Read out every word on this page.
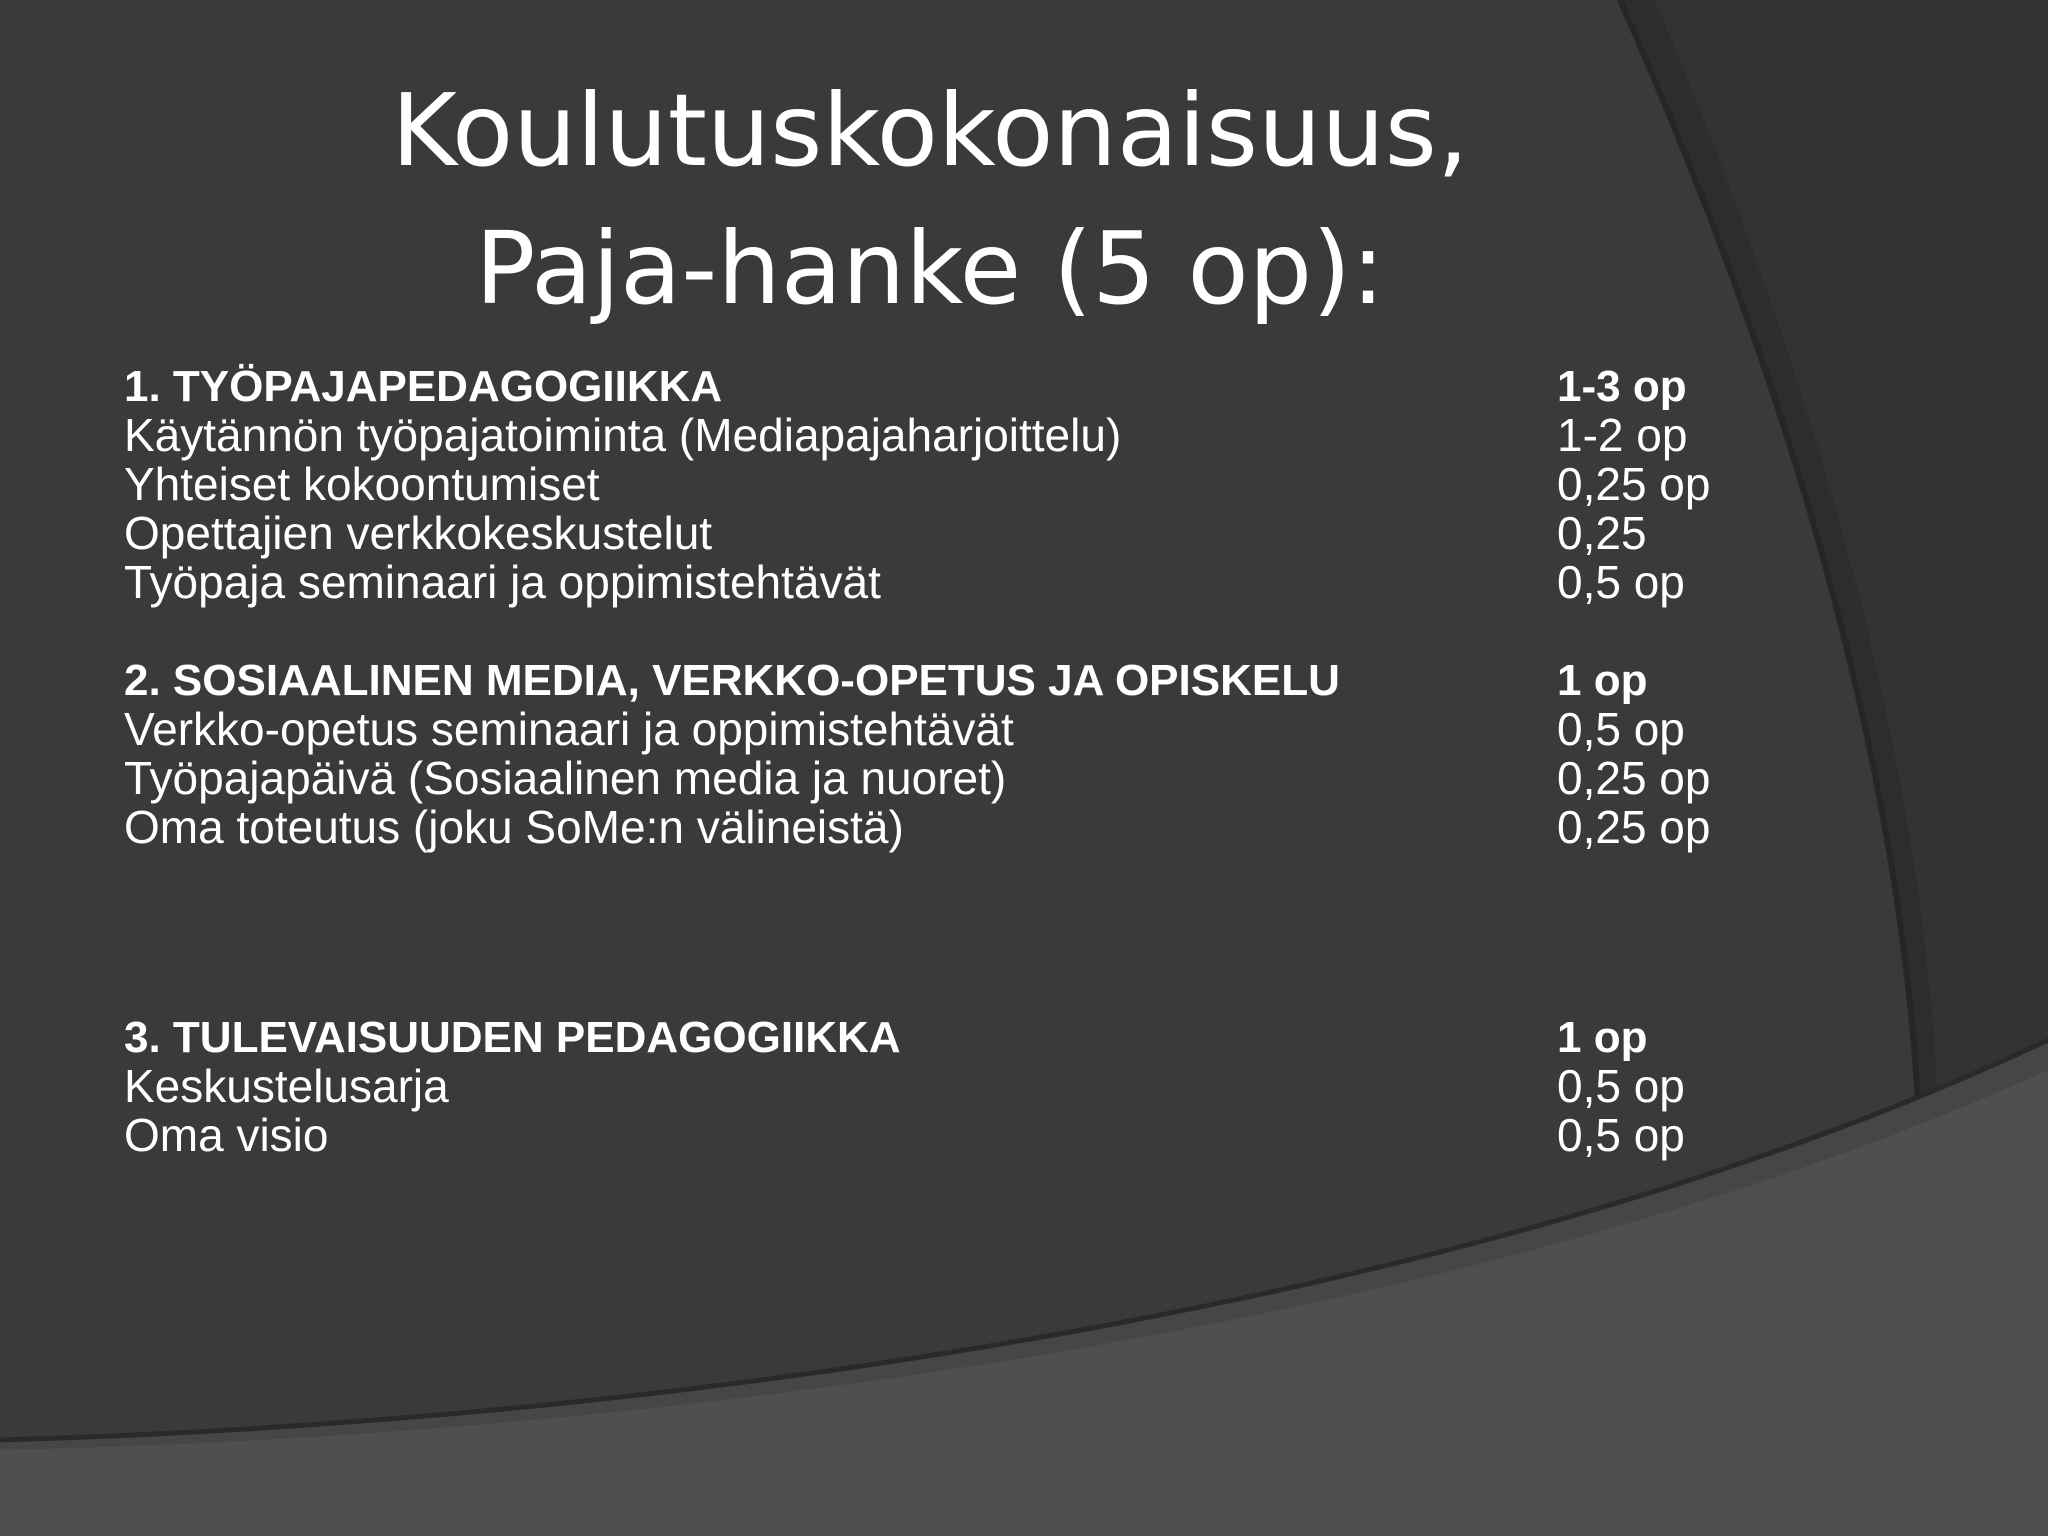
Koulutuskokonaisuus,
Paja-hanke (5 op):
1. TYÖPAJAPEDAGOGIIKKA	1-3 op
Käytännön työpajatoiminta (Mediapajaharjoittelu)	1-2 op
Yhteiset kokoontumiset	0,25 op
Opettajien verkkokeskustelut	0,25
Työpaja seminaari ja oppimistehtävät	0,5 op
2. SOSIAALINEN MEDIA, VERKKO-OPETUS JA OPISKELU	1 op
Verkko-opetus seminaari ja oppimistehtävät	0,5 op
Työpajapäivä (Sosiaalinen media ja nuoret)	0,25 op
Oma toteutus (joku SoMe:n välineistä)	0,25 op
3. TULEVAISUUDEN PEDAGOGIIKKA	1 op
Keskustelusarja	0,5 op
Oma visio	0,5 op
